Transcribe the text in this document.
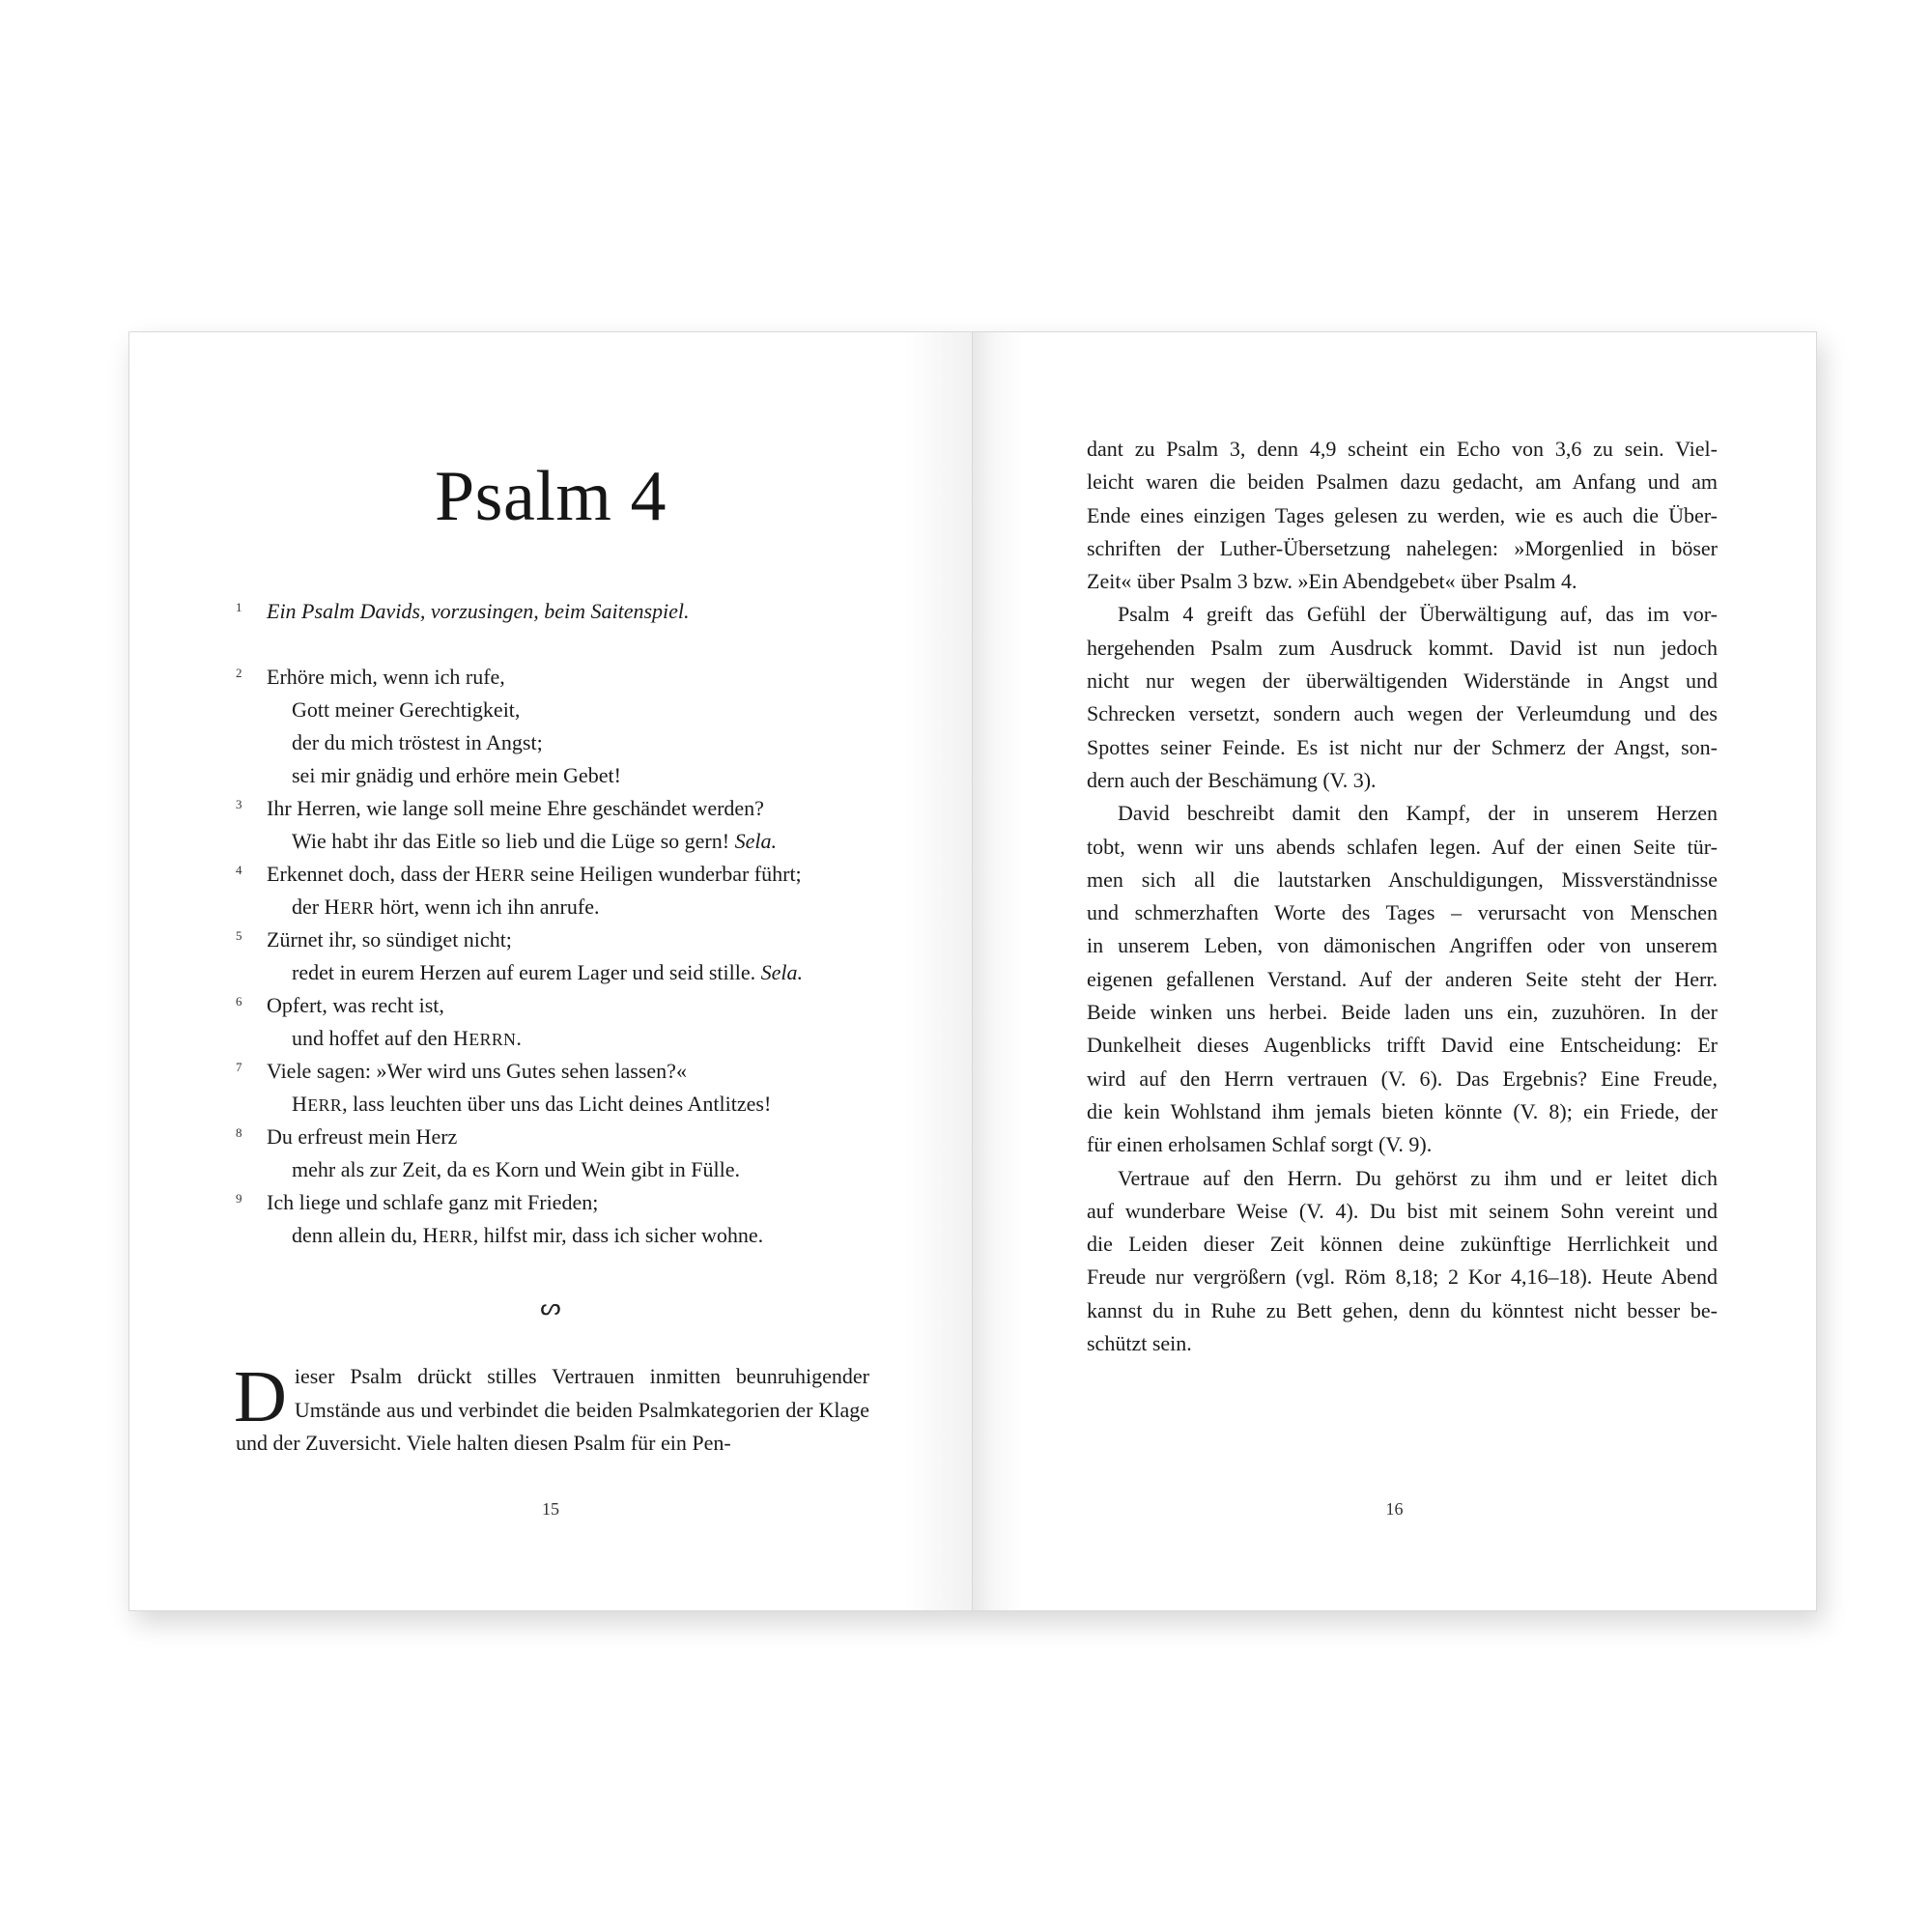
Psalm 4
1 Ein Psalm Davids, vorzusingen, beim Saitenspiel.
2 Erhöre mich, wenn ich rufe,
Gott meiner Gerechtigkeit,
der du mich tröstest in Angst;
sei mir gnädig und erhöre mein Gebet!
3 Ihr Herren, wie lange soll meine Ehre geschändet werden?
Wie habt ihr das Eitle so lieb und die Lüge so gern! Sela.
4 Erkennet doch, dass der HERR seine Heiligen wunderbar führt;
der HERR hört, wenn ich ihn anrufe.
5 Zürnet ihr, so sündiget nicht;
redet in eurem Herzen auf eurem Lager und seid stille. Sela.
6 Opfert, was recht ist,
und hoffet auf den HERRN.
7 Viele sagen: »Wer wird uns Gutes sehen lassen?«
HERR, lass leuchten über uns das Licht deines Antlitzes!
8 Du erfreust mein Herz
mehr als zur Zeit, da es Korn und Wein gibt in Fülle.
9 Ich liege und schlafe ganz mit Frieden;
denn allein du, HERR, hilfst mir, dass ich sicher wohne.
ᔕ
Dieser Psalm drückt stilles Vertrauen inmitten beunruhigender Umstände aus und verbindet die beiden Psalmkategorien der Klage und der Zuversicht. Viele halten diesen Psalm für ein Pen-
15
dant zu Psalm 3, denn 4,9 scheint ein Echo von 3,6 zu sein. Viel-
leicht waren die beiden Psalmen dazu gedacht, am Anfang und am
Ende eines einzigen Tages gelesen zu werden, wie es auch die Über-
schriften der Luther-Übersetzung nahelegen: »Morgenlied in böser
Zeit« über Psalm 3 bzw. »Ein Abendgebet« über Psalm 4.
Psalm 4 greift das Gefühl der Überwältigung auf, das im vor-
hergehenden Psalm zum Ausdruck kommt. David ist nun jedoch
nicht nur wegen der überwältigenden Widerstände in Angst und
Schrecken versetzt, sondern auch wegen der Verleumdung und des
Spottes seiner Feinde. Es ist nicht nur der Schmerz der Angst, son-
dern auch der Beschämung (V. 3).
David beschreibt damit den Kampf, der in unserem Herzen
tobt, wenn wir uns abends schlafen legen. Auf der einen Seite tür-
men sich all die lautstarken Anschuldigungen, Missverständnisse
und schmerzhaften Worte des Tages – verursacht von Menschen
in unserem Leben, von dämonischen Angriffen oder von unserem
eigenen gefallenen Verstand. Auf der anderen Seite steht der Herr.
Beide winken uns herbei. Beide laden uns ein, zuzuhören. In der
Dunkelheit dieses Augenblicks trifft David eine Entscheidung: Er
wird auf den Herrn vertrauen (V. 6). Das Ergebnis? Eine Freude,
die kein Wohlstand ihm jemals bieten könnte (V. 8); ein Friede, der
für einen erholsamen Schlaf sorgt (V. 9).
Vertraue auf den Herrn. Du gehörst zu ihm und er leitet dich
auf wunderbare Weise (V. 4). Du bist mit seinem Sohn vereint und
die Leiden dieser Zeit können deine zukünftige Herrlichkeit und
Freude nur vergrößern (vgl. Röm 8,18; 2 Kor 4,16–18). Heute Abend
kannst du in Ruhe zu Bett gehen, denn du könntest nicht besser be-
schützt sein.
16
